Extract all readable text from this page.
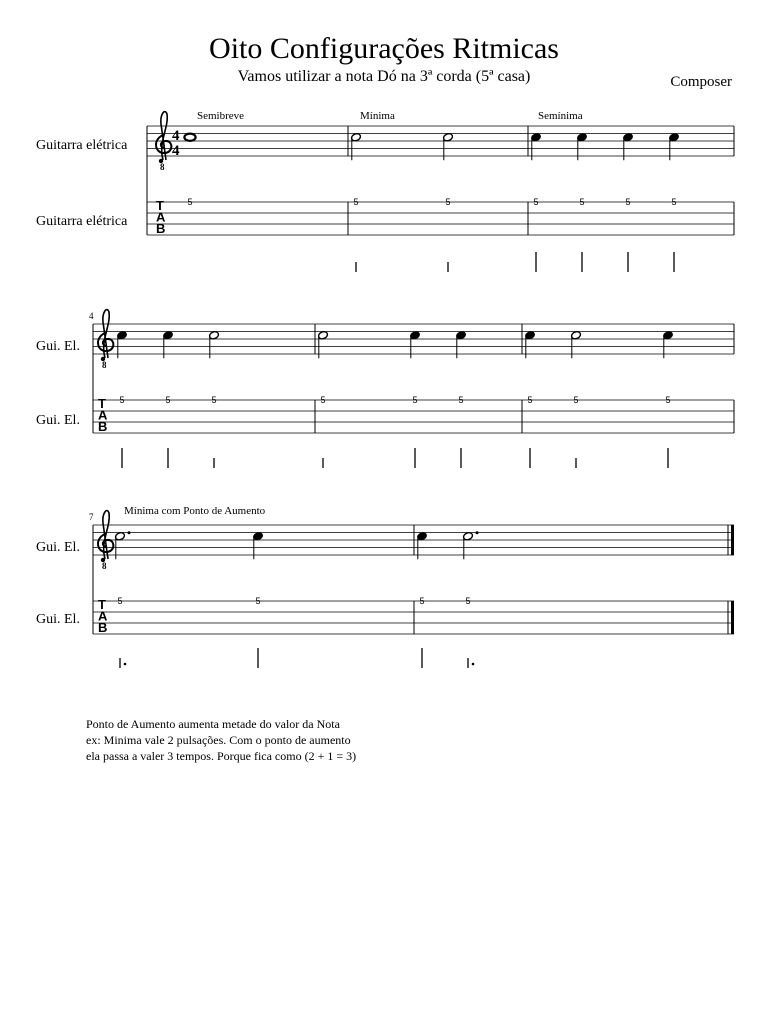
Oito Configurações Ritmicas
Vamos utilizar a nota Dó na 3ª corda (5ª casa)	Composer
Guitarra elétrica
Guitarra elétrica
Semibreve	Mínima	Semínima
4
Gui. El.
Gui. El.
7	Mínima com Ponto de Aumento
Gui. El.
Gui. El.
Ponto de Aumento aumenta metade do valor da Nota
ex: Minima vale 2 pulsações. Com o ponto de aumento
ela passa a valer 3 tempos. Porque fica como (2 + 1 = 3)
8
T
A
B
4
4
5	5	5	5	5	5	5
8
T
A
B
5	5	5	5	5	5	5	5	5
8
T
A
B
5	5	5	5
